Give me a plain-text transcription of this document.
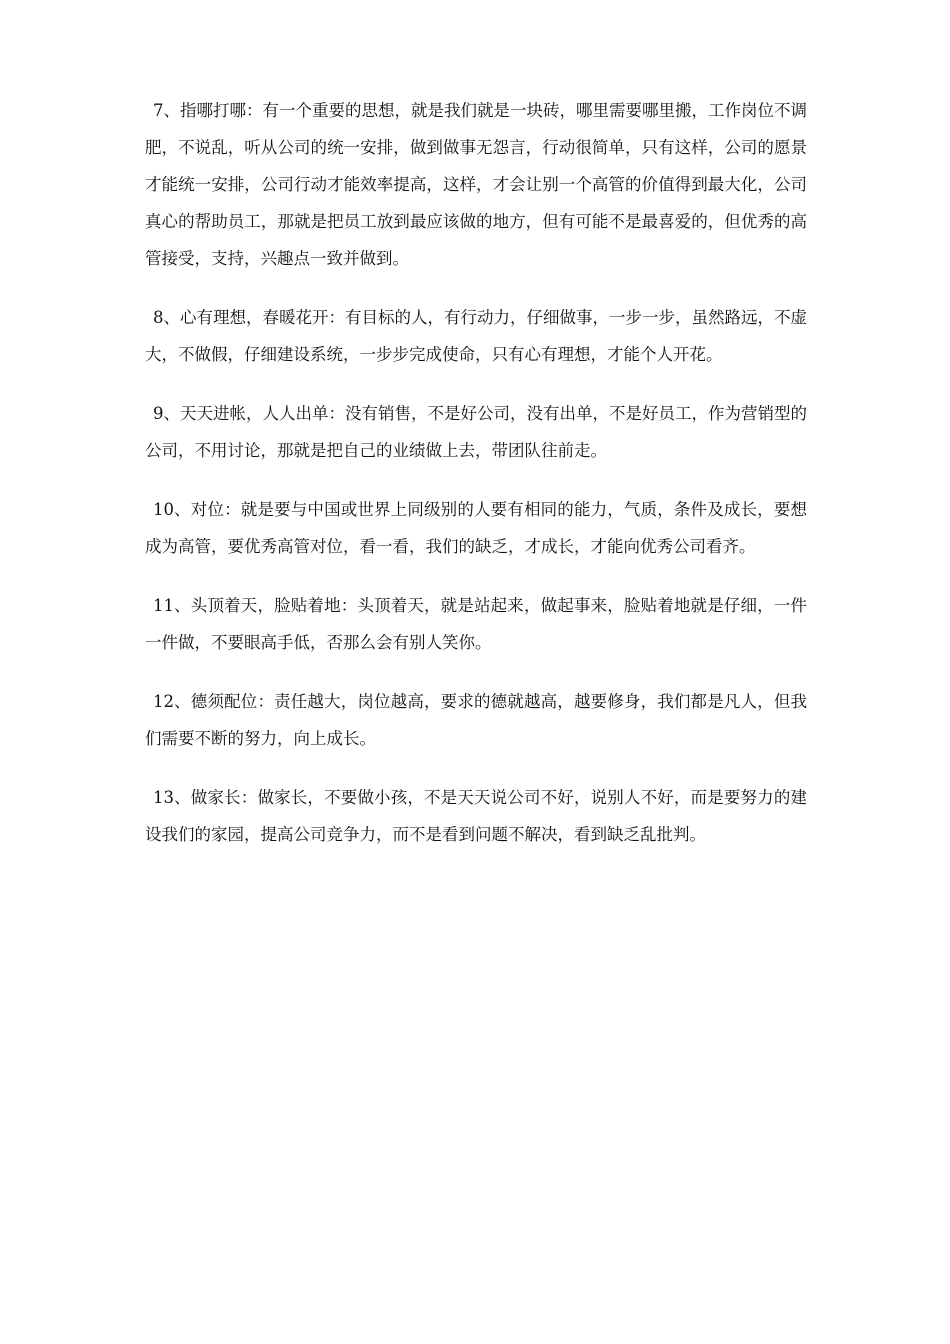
7、指哪打哪：有一个重要的思想，就是我们就是一块砖，哪里需要哪里搬，工作岗位不调肥，不说乱，听从公司的统一安排，做到做事无怨言，行动很简单，只有这样，公司的愿景才能统一安排，公司行动才能效率提高，这样，才会让别一个高管的价值得到最大化，公司真心的帮助员工，那就是把员工放到最应该做的地方，但有可能不是最喜爱的，但优秀的高管接受，支持，兴趣点一致并做到。

8、心有理想，春暖花开：有目标的人，有行动力，仔细做事，一步一步，虽然路远，不虚大，不做假，仔细建设系统，一步步完成使命，只有心有理想，才能个人开花。

9、天天进帐，人人出单：没有销售，不是好公司，没有出单，不是好员工，作为营销型的公司，不用讨论，那就是把自己的业绩做上去，带团队往前走。

10、对位：就是要与中国或世界上同级别的人要有相同的能力，气质，条件及成长，要想成为高管，要优秀高管对位，看一看，我们的缺乏，才成长，才能向优秀公司看齐。

11、头顶着天，脸贴着地：头顶着天，就是站起来，做起事来，脸贴着地就是仔细，一件一件做，不要眼高手低，否那么会有别人笑你。

12、德须配位：责任越大，岗位越高，要求的德就越高，越要修身，我们都是凡人，但我们需要不断的努力，向上成长。

13、做家长：做家长，不要做小孩，不是天天说公司不好，说别人不好，而是要努力的建设我们的家园，提高公司竞争力，而不是看到问题不解决，看到缺乏乱批判。
